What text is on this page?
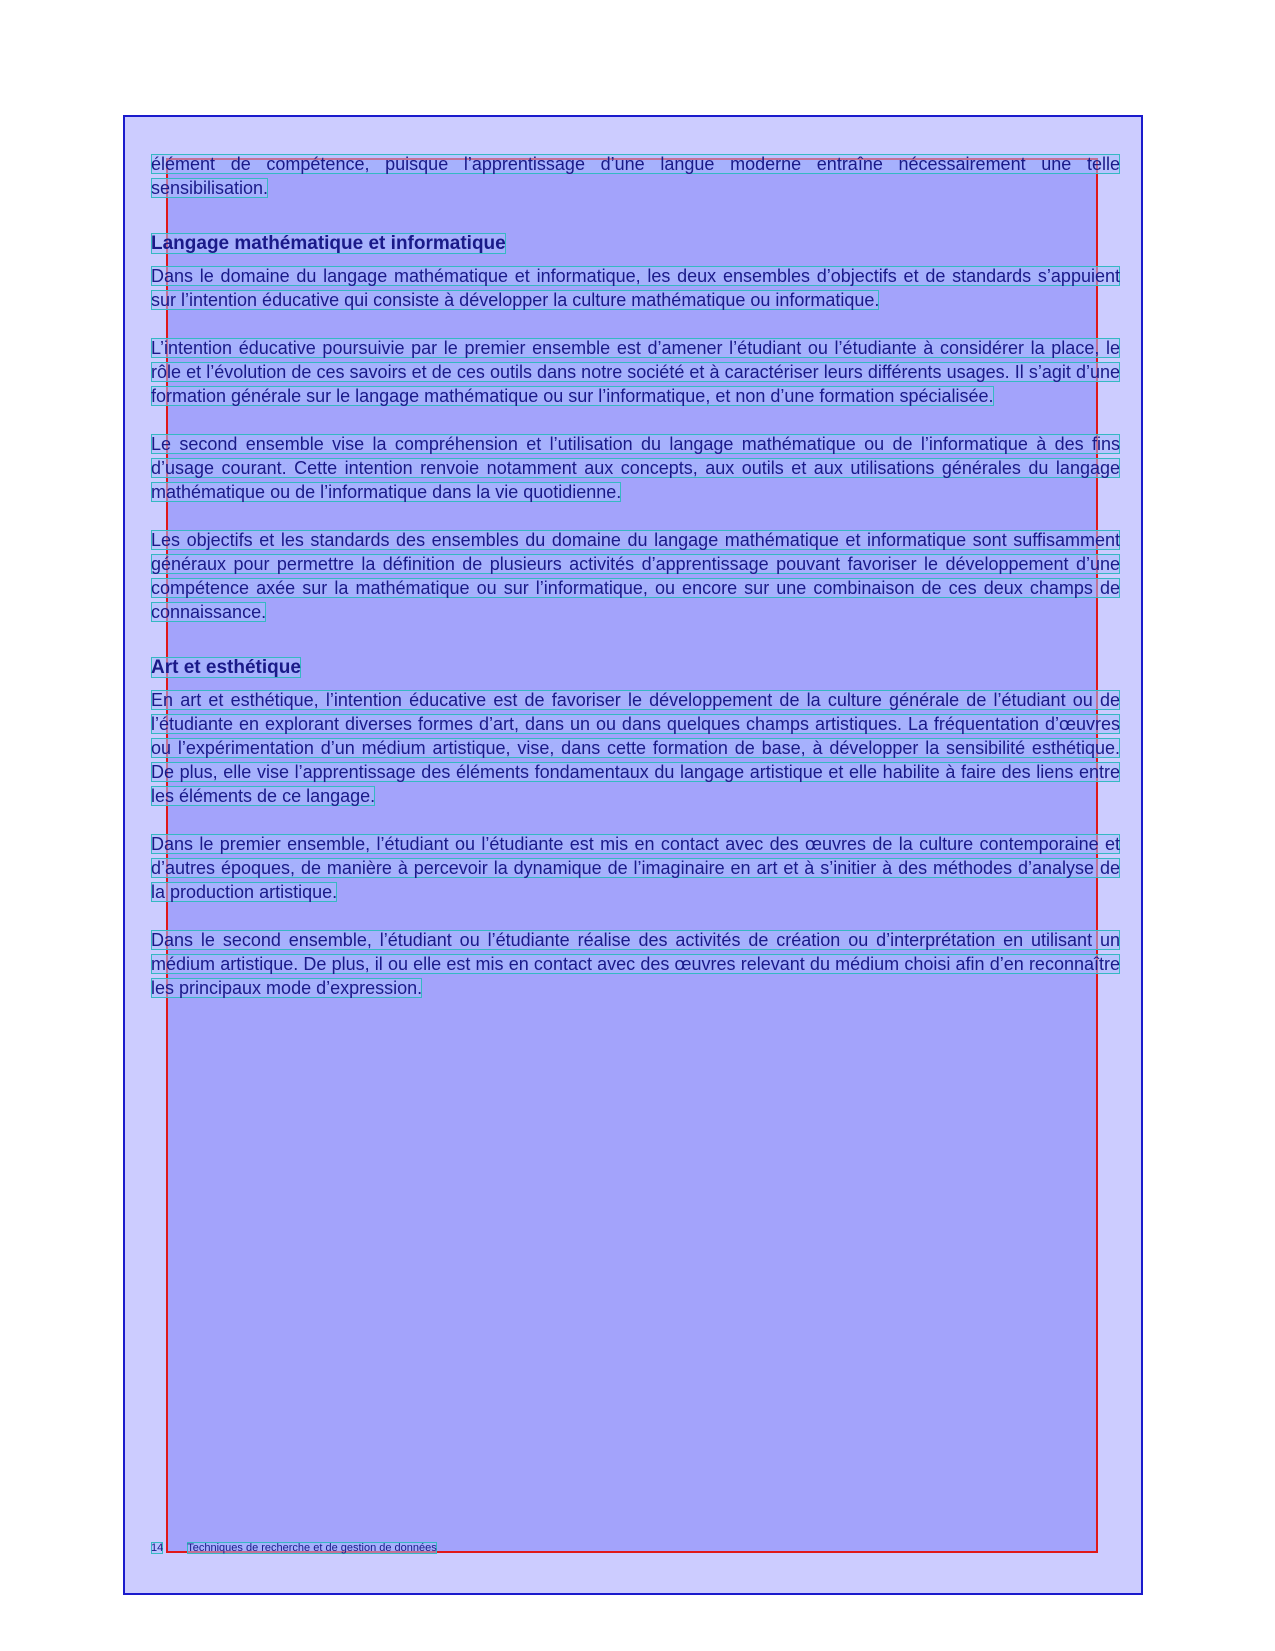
élément de compétence, puisque l’apprentissage d’une langue moderne entraîne nécessairement une telle sensibilisation.

Langage mathématique et informatique

Dans le domaine du langage mathématique et informatique, les deux ensembles d’objectifs et de standards s’appuient sur l’intention éducative qui consiste à développer la culture mathématique ou informatique.

L’intention éducative poursuivie par le premier ensemble est d’amener l’étudiant ou l’étudiante à considérer la place, le rôle et l’évolution de ces savoirs et de ces outils dans notre société et à caractériser leurs différents usages. Il s’agit d’une formation générale sur le langage mathématique ou sur l’informatique, et non d’une formation spécialisée.

Le second ensemble vise la compréhension et l’utilisation du langage mathématique ou de l’informatique à des fins d’usage courant. Cette intention renvoie notamment aux concepts, aux outils et aux utilisations générales du langage mathématique ou de l’informatique dans la vie quotidienne.

Les objectifs et les standards des ensembles du domaine du langage mathématique et informatique sont suffisamment généraux pour permettre la définition de plusieurs activités d’apprentissage pouvant favoriser le développement d’une compétence axée sur la mathématique ou sur l’informatique, ou encore sur une combinaison de ces deux champs de connaissance.

Art et esthétique

En art et esthétique, l’intention éducative est de favoriser le développement de la culture générale de l’étudiant ou de l’étudiante en explorant diverses formes d’art, dans un ou dans quelques champs artistiques. La fréquentation d’œuvres ou l’expérimentation d’un médium artistique, vise, dans cette formation de base, à développer la sensibilité esthétique. De plus, elle vise l’apprentissage des éléments fondamentaux du langage artistique et elle habilite à faire des liens entre les éléments de ce langage.

Dans le premier ensemble, l’étudiant ou l’étudiante est mis en contact avec des œuvres de la culture contemporaine et d’autres époques, de manière à percevoir la dynamique de l’imaginaire en art et à s’initier à des méthodes d’analyse de la production artistique.

Dans le second ensemble, l’étudiant ou l’étudiante réalise des activités de création ou d’interprétation en utilisant un médium artistique. De plus, il ou elle est mis en contact avec des œuvres relevant du médium choisi afin d’en reconnaître les principaux mode d’expression.

14 Techniques de recherche et de gestion de données
